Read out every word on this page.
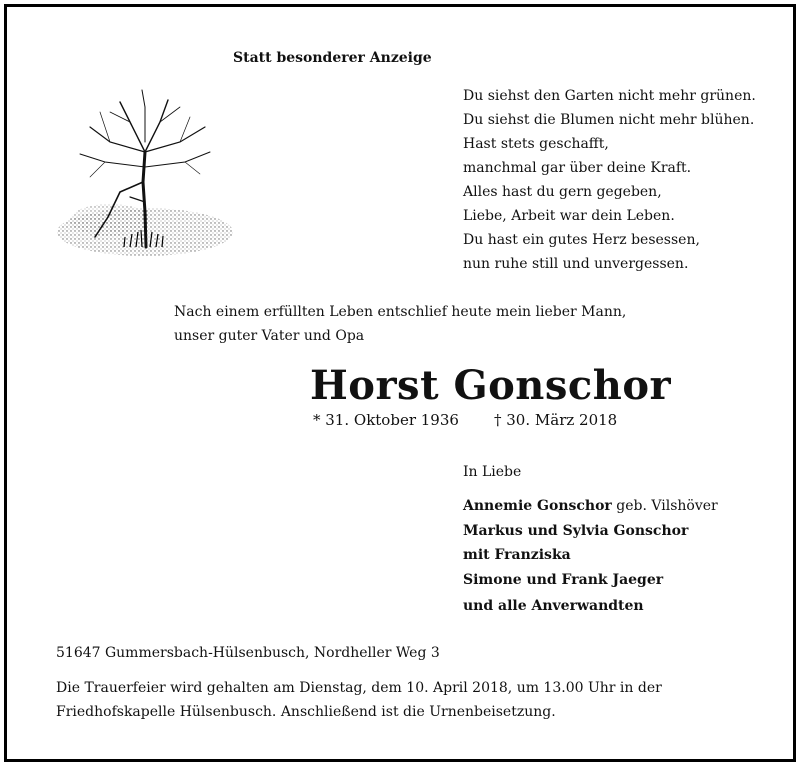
Statt besonderer Anzeige
Du siehst den Garten nicht mehr grünen.
Du siehst die Blumen nicht mehr blühen.
Hast stets geschafft,
manchmal gar über deine Kraft.
Alles hast du gern gegeben,
Liebe, Arbeit war dein Leben.
Du hast ein gutes Herz besessen,
nun ruhe still und unvergessen.
Nach einem erfüllten Leben entschlief heute mein lieber Mann,
unser guter Vater und Opa
Horst Gonschor
* 31. Oktober 1936 † 30. März 2018
In Liebe
Annemie Gonschor geb. Vilshöver
Markus und Sylvia Gonschor
mit Franziska
Simone und Frank Jaeger
und alle Anverwandten
51647 Gummersbach-Hülsenbusch, Nordheller Weg 3
Die Trauerfeier wird gehalten am Dienstag, dem 10. April 2018, um 13.00 Uhr in der Friedhofskapelle Hülsenbusch. Anschließend ist die Urnenbeisetzung.
